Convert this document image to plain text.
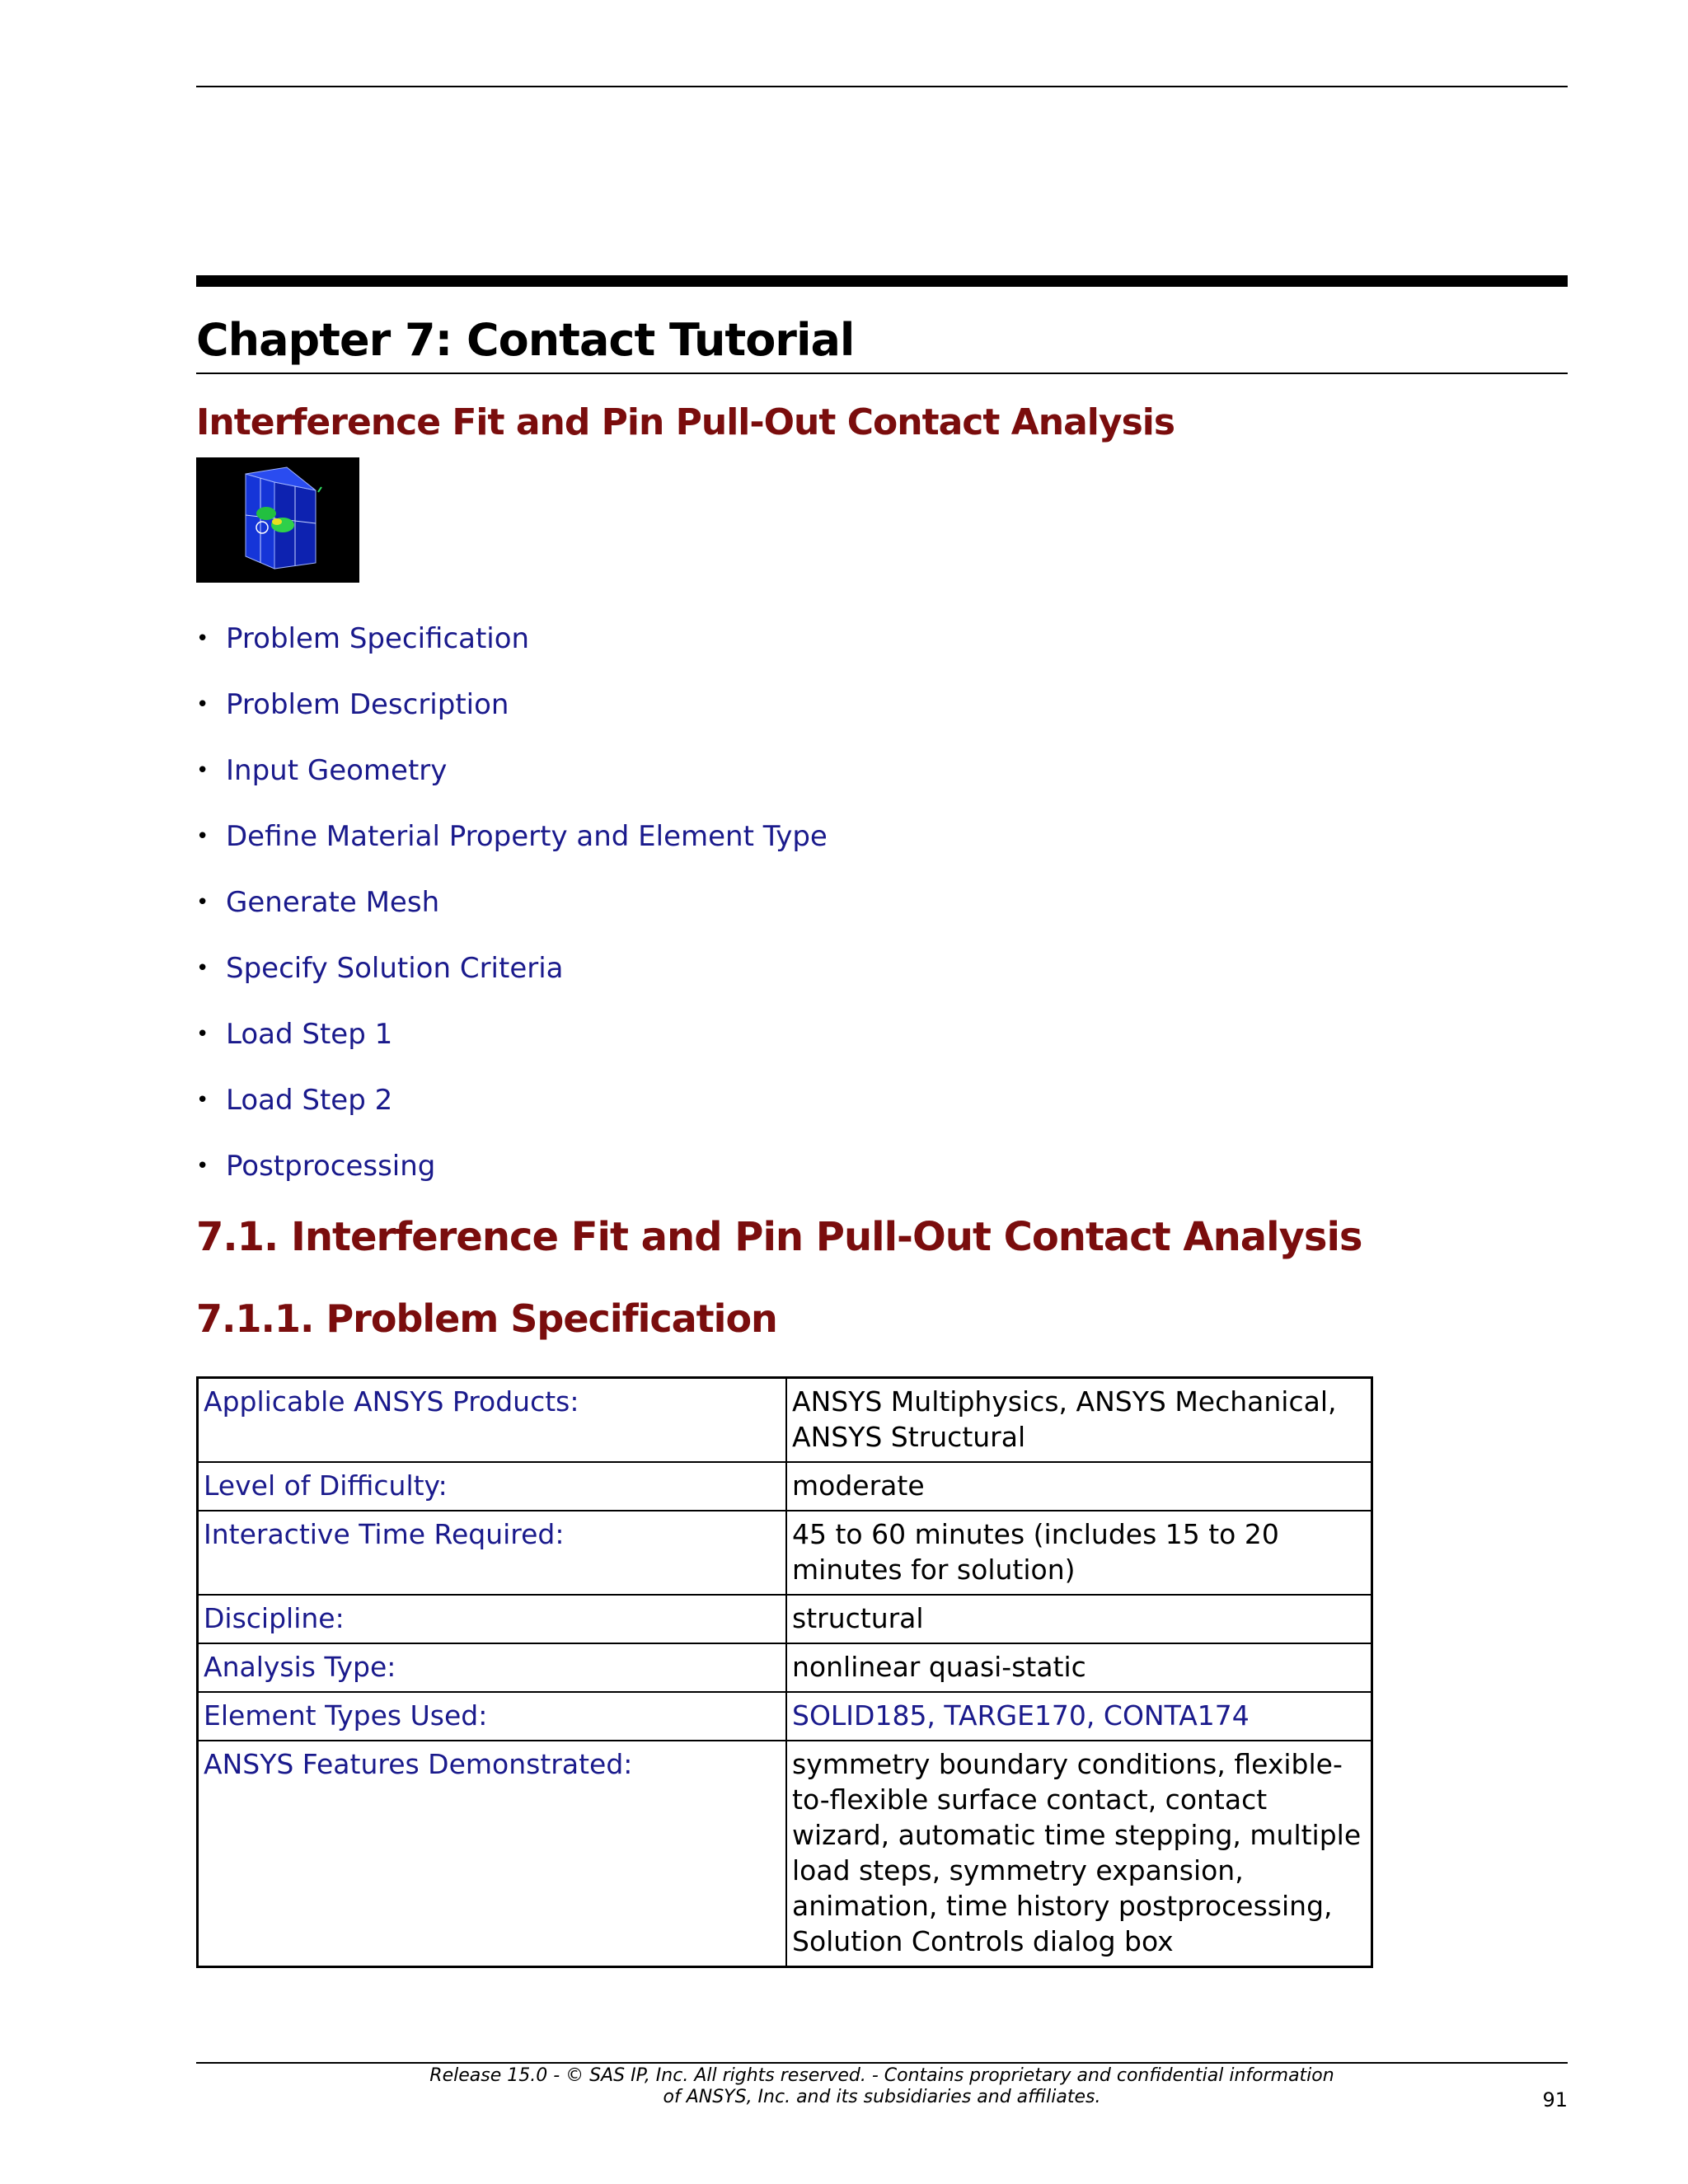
Chapter 7: Contact Tutorial
Interference Fit and Pin Pull-Out Contact Analysis
• Problem Specification
• Problem Description
• Input Geometry
• Define Material Property and Element Type
• Generate Mesh
• Specify Solution Criteria
• Load Step 1
• Load Step 2
• Postprocessing
7.1. Interference Fit and Pin Pull-Out Contact Analysis
7.1.1. Problem Specification
Applicable ANSYS Products:	ANSYS Multiphysics, ANSYS Mechanical, ANSYS Structural
Level of Difficulty:	moderate
Interactive Time Required:	45 to 60 minutes (includes 15 to 20 minutes for solution)
Discipline:	structural
Analysis Type:	nonlinear quasi-static
Element Types Used:	SOLID185, TARGE170, CONTA174
ANSYS Features Demonstrated:	symmetry boundary conditions, flexible-to-flexible surface contact, contact wizard, automatic time stepping, multiple load steps, symmetry expansion, animation, time history postprocessing, Solution Controls dialog box
Release 15.0 - © SAS IP, Inc. All rights reserved. - Contains proprietary and confidential information
of ANSYS, Inc. and its subsidiaries and affiliates.	91
